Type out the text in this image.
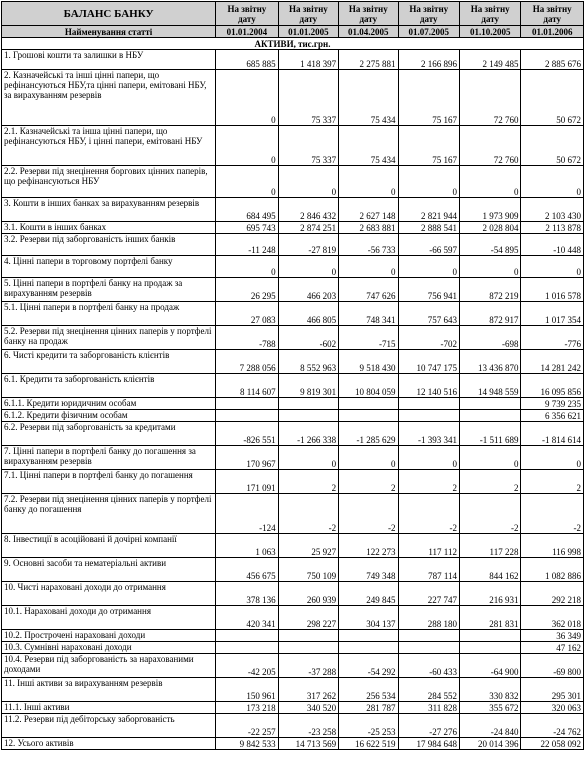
БАЛАНС БАНКУ	На звітну дату	На звітну дату	На звітну дату	На звітну дату	На звітну дату	На звітну дату
Найменування статті	01.01.2004	01.01.2005	01.04.2005	01.07.2005	01.10.2005	01.01.2006
АКТИВИ, тис.грн.						
1. Грошові кошти та залишки в НБУ	685 885	1 418 397	2 275 881	2 166 896	2 149 485	2 885 676
2. Казначейські та інші цінні папери, що рефінансуються НБУ,та цінні папери, емітовані НБУ, за вирахуванням резервів	0	75 337	75 434	75 167	72 760	50 672
2.1. Казначейські та інша цінні папери, що рефінансуються НБУ, і цінні папери, емітовані НБУ	0	75 337	75 434	75 167	72 760	50 672
2.2. Резерви під знецінення боргових цінних паперів, що рефінансуються НБУ	0	0	0	0	0	0
3. Кошти в інших банках за вирахуванням резервів	684 495	2 846 432	2 627 148	2 821 944	1 973 909	2 103 430
3.1. Кошти в інших банках	695 743	2 874 251	2 683 881	2 888 541	2 028 804	2 113 878
3.2. Резерви під заборгованість інших банків	-11 248	-27 819	-56 733	-66 597	-54 895	-10 448
4. Цінні папери в торговому портфелі банку	0	0	0	0	0	0
5. Цінні папери в портфелі банку на продаж за вирахуванням резервів	26 295	466 203	747 626	756 941	872 219	1 016 578
5.1. Цінні папери в портфелі банку на продаж	27 083	466 805	748 341	757 643	872 917	1 017 354
5.2. Резерви під знецінення цінних паперів у портфелі банку на продаж	-788	-602	-715	-702	-698	-776
6. Чисті кредити та заборгованість клієнтів	7 288 056	8 552 963	9 518 430	10 747 175	13 436 870	14 281 242
6.1. Кредити та заборгованість клієнтів	8 114 607	9 819 301	10 804 059	12 140 516	14 948 559	16 095 856
6.1.1. Кредити юридичним особам						9 739 235
6.1.2. Кредити фізичним особам						6 356 621
6.2. Резерви під заборгованість за кредитами	-826 551	-1 266 338	-1 285 629	-1 393 341	-1 511 689	-1 814 614
7. Цінні папери в портфелі банку до погашення за вирахуванням резервів	170 967	0	0	0	0	0
7.1. Цінні папери в портфелі банку до погашення	171 091	2	2	2	2	2
7.2. Резерви під знецінення цінних паперів у портфелі банку до погашення	-124	-2	-2	-2	-2	-2
8. Інвестиції в асоційовані й дочірні компанії	1 063	25 927	122 273	117 112	117 228	116 998
9. Основні засоби та нематеріальні активи	456 675	750 109	749 348	787 114	844 162	1 082 886
10. Чисті нараховані доходи до отримання	378 136	260 939	249 845	227 747	216 931	292 218
10.1. Нараховані доходи до отримання	420 341	298 227	304 137	288 180	281 831	362 018
10.2. Прострочені нараховані доходи						36 349
10.3. Сумнівні нараховані доходи						47 162
10.4. Резерви під заборгованість за нарахованими доходами	-42 205	-37 288	-54 292	-60 433	-64 900	-69 800
11. Інші активи за вирахуванням резервів	150 961	317 262	256 534	284 552	330 832	295 301
11.1. Інші активи	173 218	340 520	281 787	311 828	355 672	320 063
11.2. Резерви під дебіторську заборгованість	-22 257	-23 258	-25 253	-27 276	-24 840	-24 762
12. Усього активів	9 842 533	14 713 569	16 622 519	17 984 648	20 014 396	22 058 092
